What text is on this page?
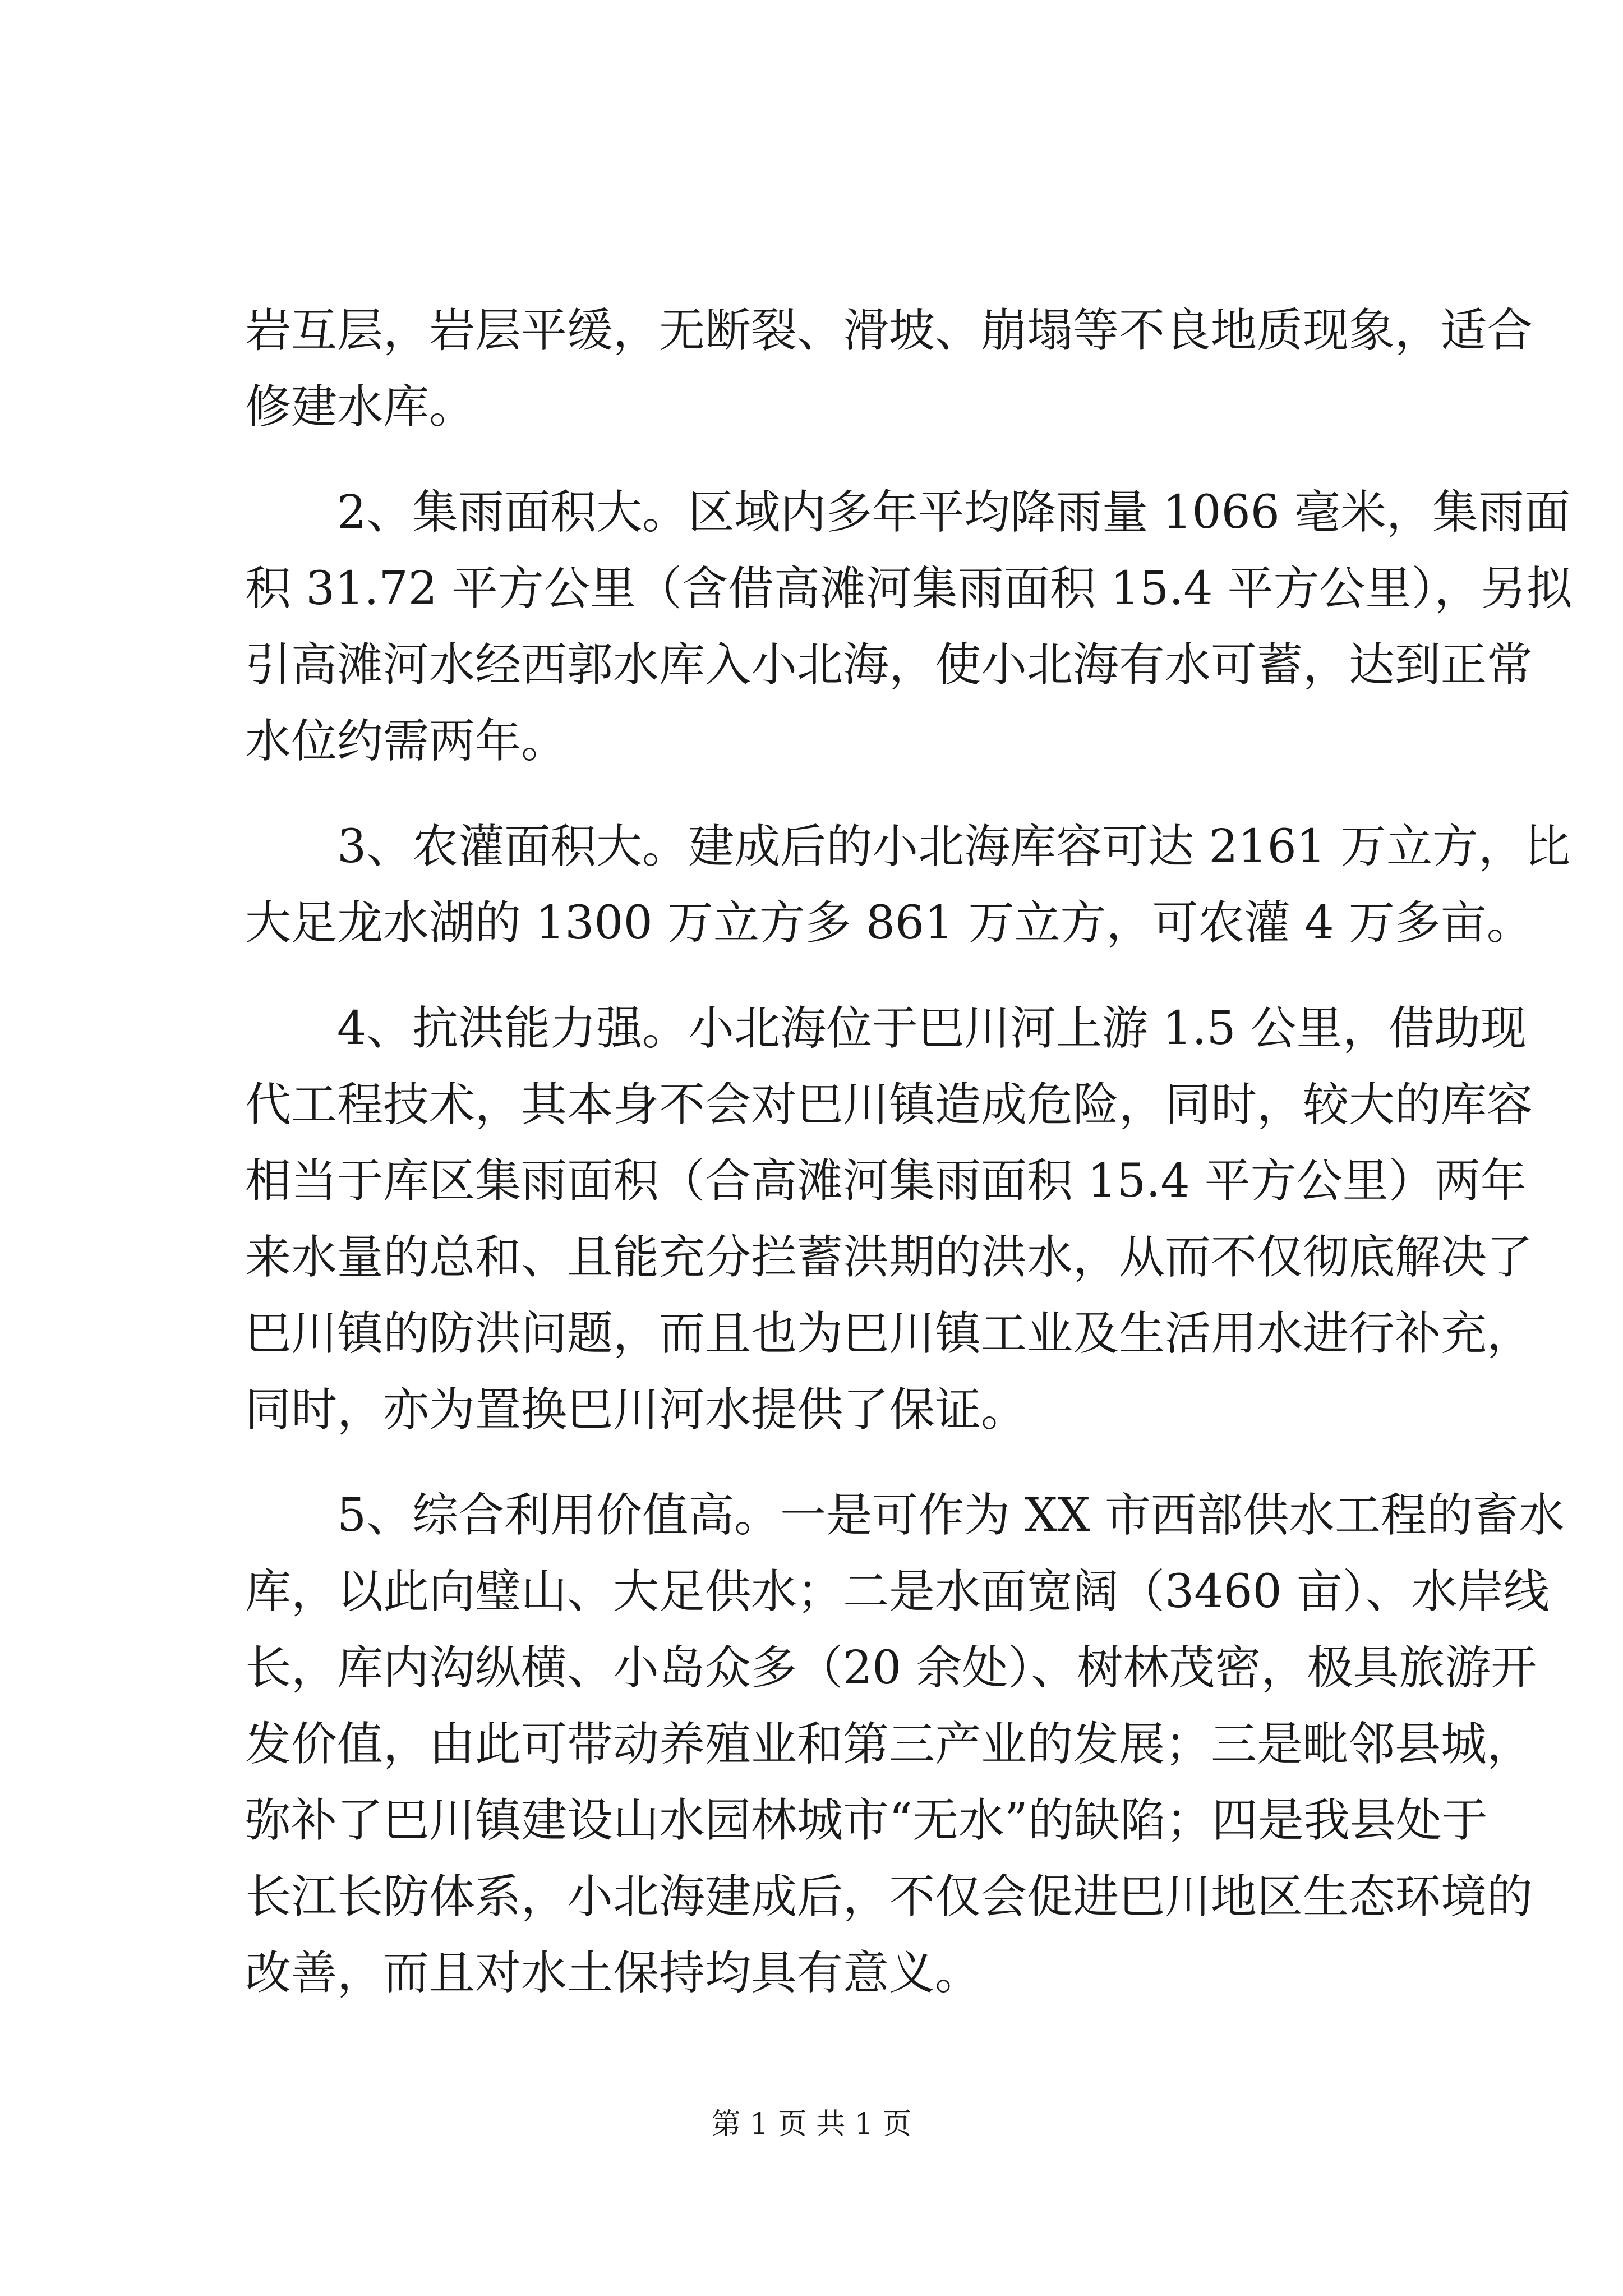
岩互层，岩层平缓，无断裂、滑坡、崩塌等不良地质现象，适合
修建水库。
2、集雨面积大。区域内多年平均降雨量 1066 毫米，集雨面
积 31.72 平方公里（含借高滩河集雨面积 15.4 平方公里），另拟
引高滩河水经西郭水库入小北海，使小北海有水可蓄，达到正常
水位约需两年。
3、农灌面积大。建成后的小北海库容可达 2161 万立方，比
大足龙水湖的 1300 万立方多 861 万立方，可农灌 4 万多亩。
4、抗洪能力强。小北海位于巴川河上游 1.5 公里，借助现
代工程技术，其本身不会对巴川镇造成危险，同时，较大的库容
相当于库区集雨面积（合高滩河集雨面积 15.4 平方公里）两年
来水量的总和、且能充分拦蓄洪期的洪水，从而不仅彻底解决了
巴川镇的防洪问题，而且也为巴川镇工业及生活用水进行补充，
同时，亦为置换巴川河水提供了保证。
5、综合利用价值高。一是可作为 XX 市西部供水工程的畜水
库，以此向璧山、大足供水；二是水面宽阔（3460 亩）、水岸线
长，库内沟纵横、小岛众多（20 余处）、树林茂密，极具旅游开
发价值，由此可带动养殖业和第三产业的发展；三是毗邻县城，
弥补了巴川镇建设山水园林城市“无水”的缺陷；四是我县处于
长江长防体系，小北海建成后，不仅会促进巴川地区生态环境的
改善，而且对水土保持均具有意义。
第 1 页 共 1 页
